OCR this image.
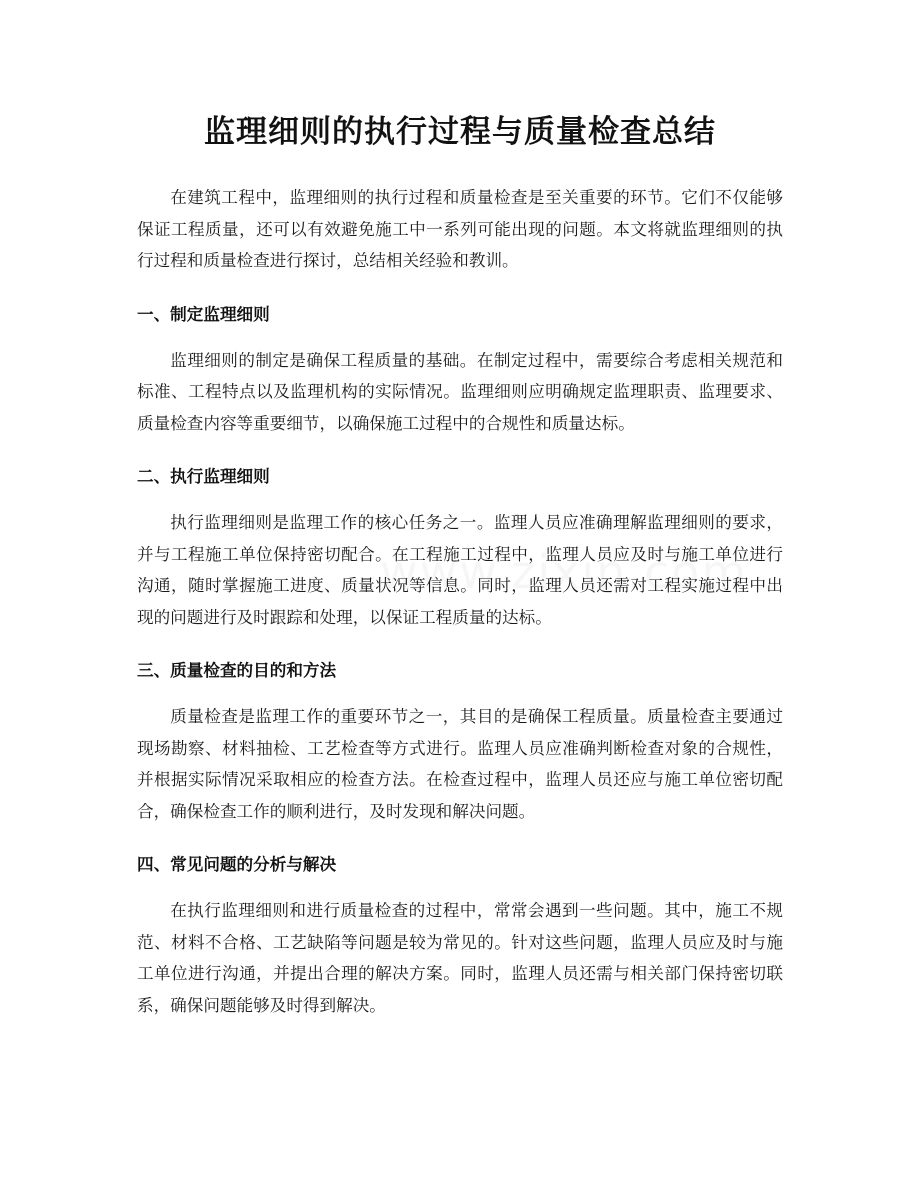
监理细则的执行过程与质量检查总结

在建筑工程中，监理细则的执行过程和质量检查是至关重要的环节。它们不仅能够保证工程质量，还可以有效避免施工中一系列可能出现的问题。本文将就监理细则的执行过程和质量检查进行探讨，总结相关经验和教训。

一、制定监理细则

监理细则的制定是确保工程质量的基础。在制定过程中，需要综合考虑相关规范和标准、工程特点以及监理机构的实际情况。监理细则应明确规定监理职责、监理要求、质量检查内容等重要细节，以确保施工过程中的合规性和质量达标。

二、执行监理细则

执行监理细则是监理工作的核心任务之一。监理人员应准确理解监理细则的要求，并与工程施工单位保持密切配合。在工程施工过程中，监理人员应及时与施工单位进行沟通，随时掌握施工进度、质量状况等信息。同时，监理人员还需对工程实施过程中出现的问题进行及时跟踪和处理，以保证工程质量的达标。

三、质量检查的目的和方法

质量检查是监理工作的重要环节之一，其目的是确保工程质量。质量检查主要通过现场勘察、材料抽检、工艺检查等方式进行。监理人员应准确判断检查对象的合规性，并根据实际情况采取相应的检查方法。在检查过程中，监理人员还应与施工单位密切配合，确保检查工作的顺利进行，及时发现和解决问题。

四、常见问题的分析与解决

在执行监理细则和进行质量检查的过程中，常常会遇到一些问题。其中，施工不规范、材料不合格、工艺缺陷等问题是较为常见的。针对这些问题，监理人员应及时与施工单位进行沟通，并提出合理的解决方案。同时，监理人员还需与相关部门保持密切联系，确保问题能够及时得到解决。
